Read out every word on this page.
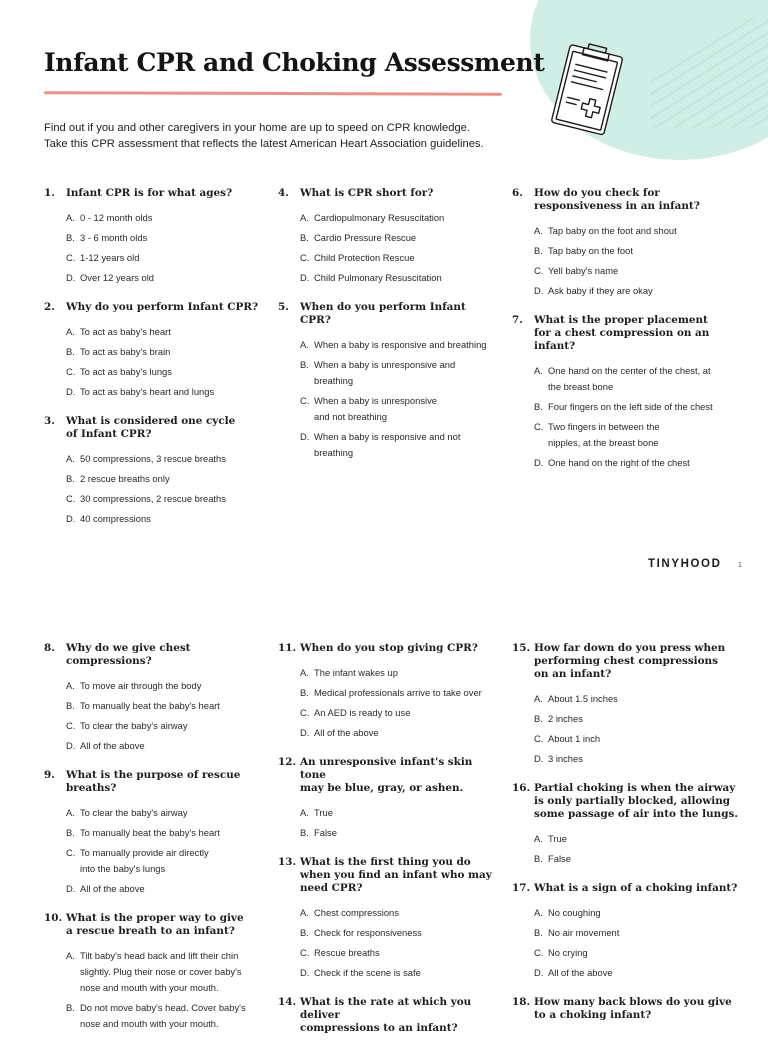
Infant CPR and Choking Assessment
Find out if you and other caregivers in your home are up to speed on CPR knowledge.
Take this CPR assessment that reflects the latest American Heart Association guidelines.
1.	Infant CPR is for what ages?
A. 0 - 12 month olds
B. 3 - 6 month olds
C. 1-12 years old
D. Over 12 years old
2.	Why do you perform Infant CPR?
A. To act as baby's heart
B. To act as baby's brain
C. To act as baby's lungs
D. To act as baby's heart and lungs
3.	What is considered one cycle
of Infant CPR?
A. 50 compressions, 3 rescue breaths
B. 2 rescue breaths only
C. 30 compressions, 2 rescue breaths
D. 40 compressions
4.	What is CPR short for?
A. Cardiopulmonary Resuscitation
B. Cardio Pressure Rescue
C. Child Protection Rescue
D. Child Pulmonary Resuscitation
5.	When do you perform Infant CPR?
A. When a baby is responsive and breathing
B. When a baby is unresponsive and
breathing
C. When a baby is unresponsive
and not breathing
D. When a baby is responsive and not
breathing
6.	How do you check for
responsiveness in an infant?
A. Tap baby on the foot and shout
B. Tap baby on the foot
C. Yell baby's name
D. Ask baby if they are okay
7.	What is the proper placement
for a chest compression on an infant?
A. One hand on the center of the chest, at
the breast bone
B. Four fingers on the left side of the chest
C. Two fingers in between the
nipples, at the breast bone
D. One hand on the right of the chest
TINYHOOD 1
8.	Why do we give chest compressions?
A. To move air through the body
B. To manually beat the baby's heart
C. To clear the baby's airway
D. All of the above
9.	What is the purpose of rescue
breaths?
A. To clear the baby's airway
B. To manually beat the baby's heart
C. To manually provide air directly
into the baby's lungs
D. All of the above
10. What is the proper way to give
a rescue breath to an infant?
A. Tilt baby's head back and lift their chin
slightly. Plug their nose or cover baby's
nose and mouth with your mouth.
B. Do not move baby's head. Cover baby's
nose and mouth with your mouth.
11. When do you stop giving CPR?
A. The infant wakes up
B. Medical professionals arrive to take over
C. An AED is ready to use
D. All of the above
12. An unresponsive infant's skin tone
may be blue, gray, or ashen.
A. True
B. False
13. What is the first thing you do
when you find an infant who may
need CPR?
A. Chest compressions
B. Check for responsiveness
C. Rescue breaths
D. Check if the scene is safe
14. What is the rate at which you deliver
compressions to an infant?
15. How far down do you press when
performing chest compressions
on an infant?
A. About 1.5 inches
B. 2 inches
C. About 1 inch
D. 3 inches
16. Partial choking is when the airway
is only partially blocked, allowing
some passage of air into the lungs.
A. True
B. False
17. What is a sign of a choking infant?
A. No coughing
B. No air movement
C. No crying
D. All of the above
18. How many back blows do you give
to a choking infant?
